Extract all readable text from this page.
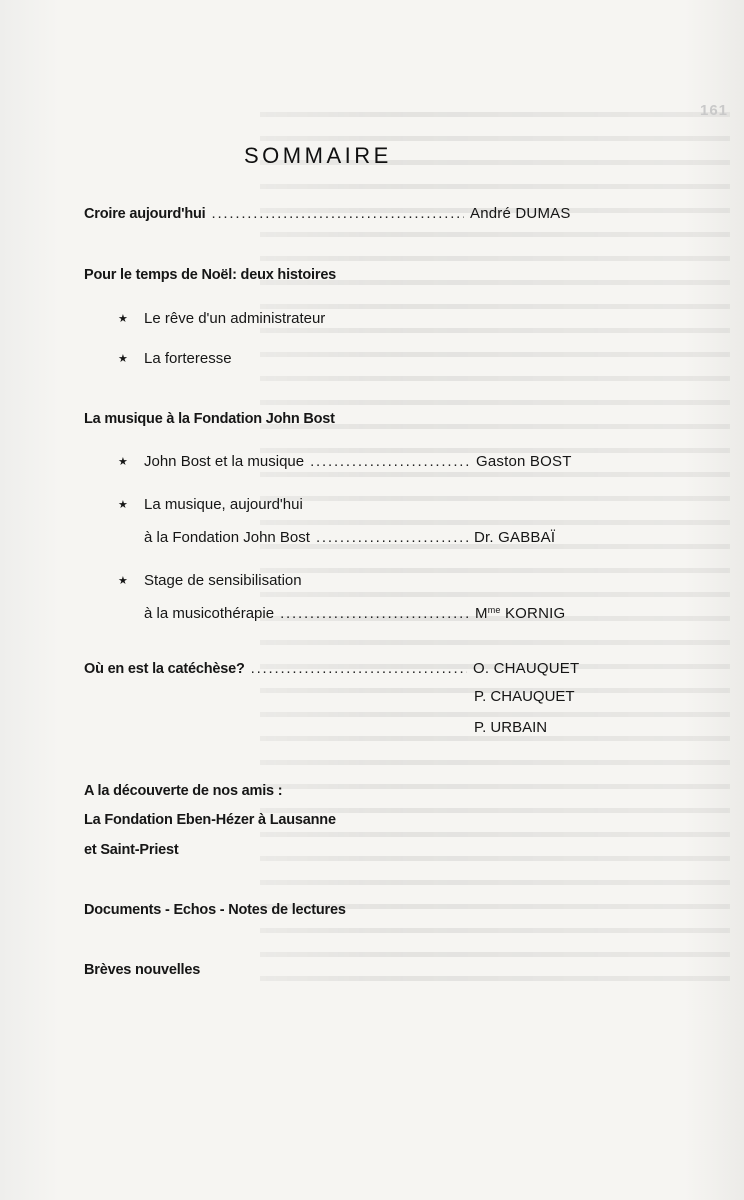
161
SOMMAIRE
Croire aujourd'hui .....	André DUMAS
Pour le temps de Noël: deux histoires
★ Le rêve d'un administrateur
★ La forteresse
La musique à la Fondation John Bost
★	John Bost et la musique .....	Gaston BOST
★ La musique, aujourd'hui
à la Fondation John Bost .....	Dr. GABBAÏ
★ Stage de sensibilisation
à la musicothérapie .....	$M^{me}$ KORNIG
Où en est la catéchèse? .....	O. CHAUQUET
P. CHAUQUET
P. URBAIN
A la découverte de nos amis :
La Fondation Eben-Hézer à Lausanne
et Saint-Priest
Documents - Echos - Notes de lectures
Brèves nouvelles
